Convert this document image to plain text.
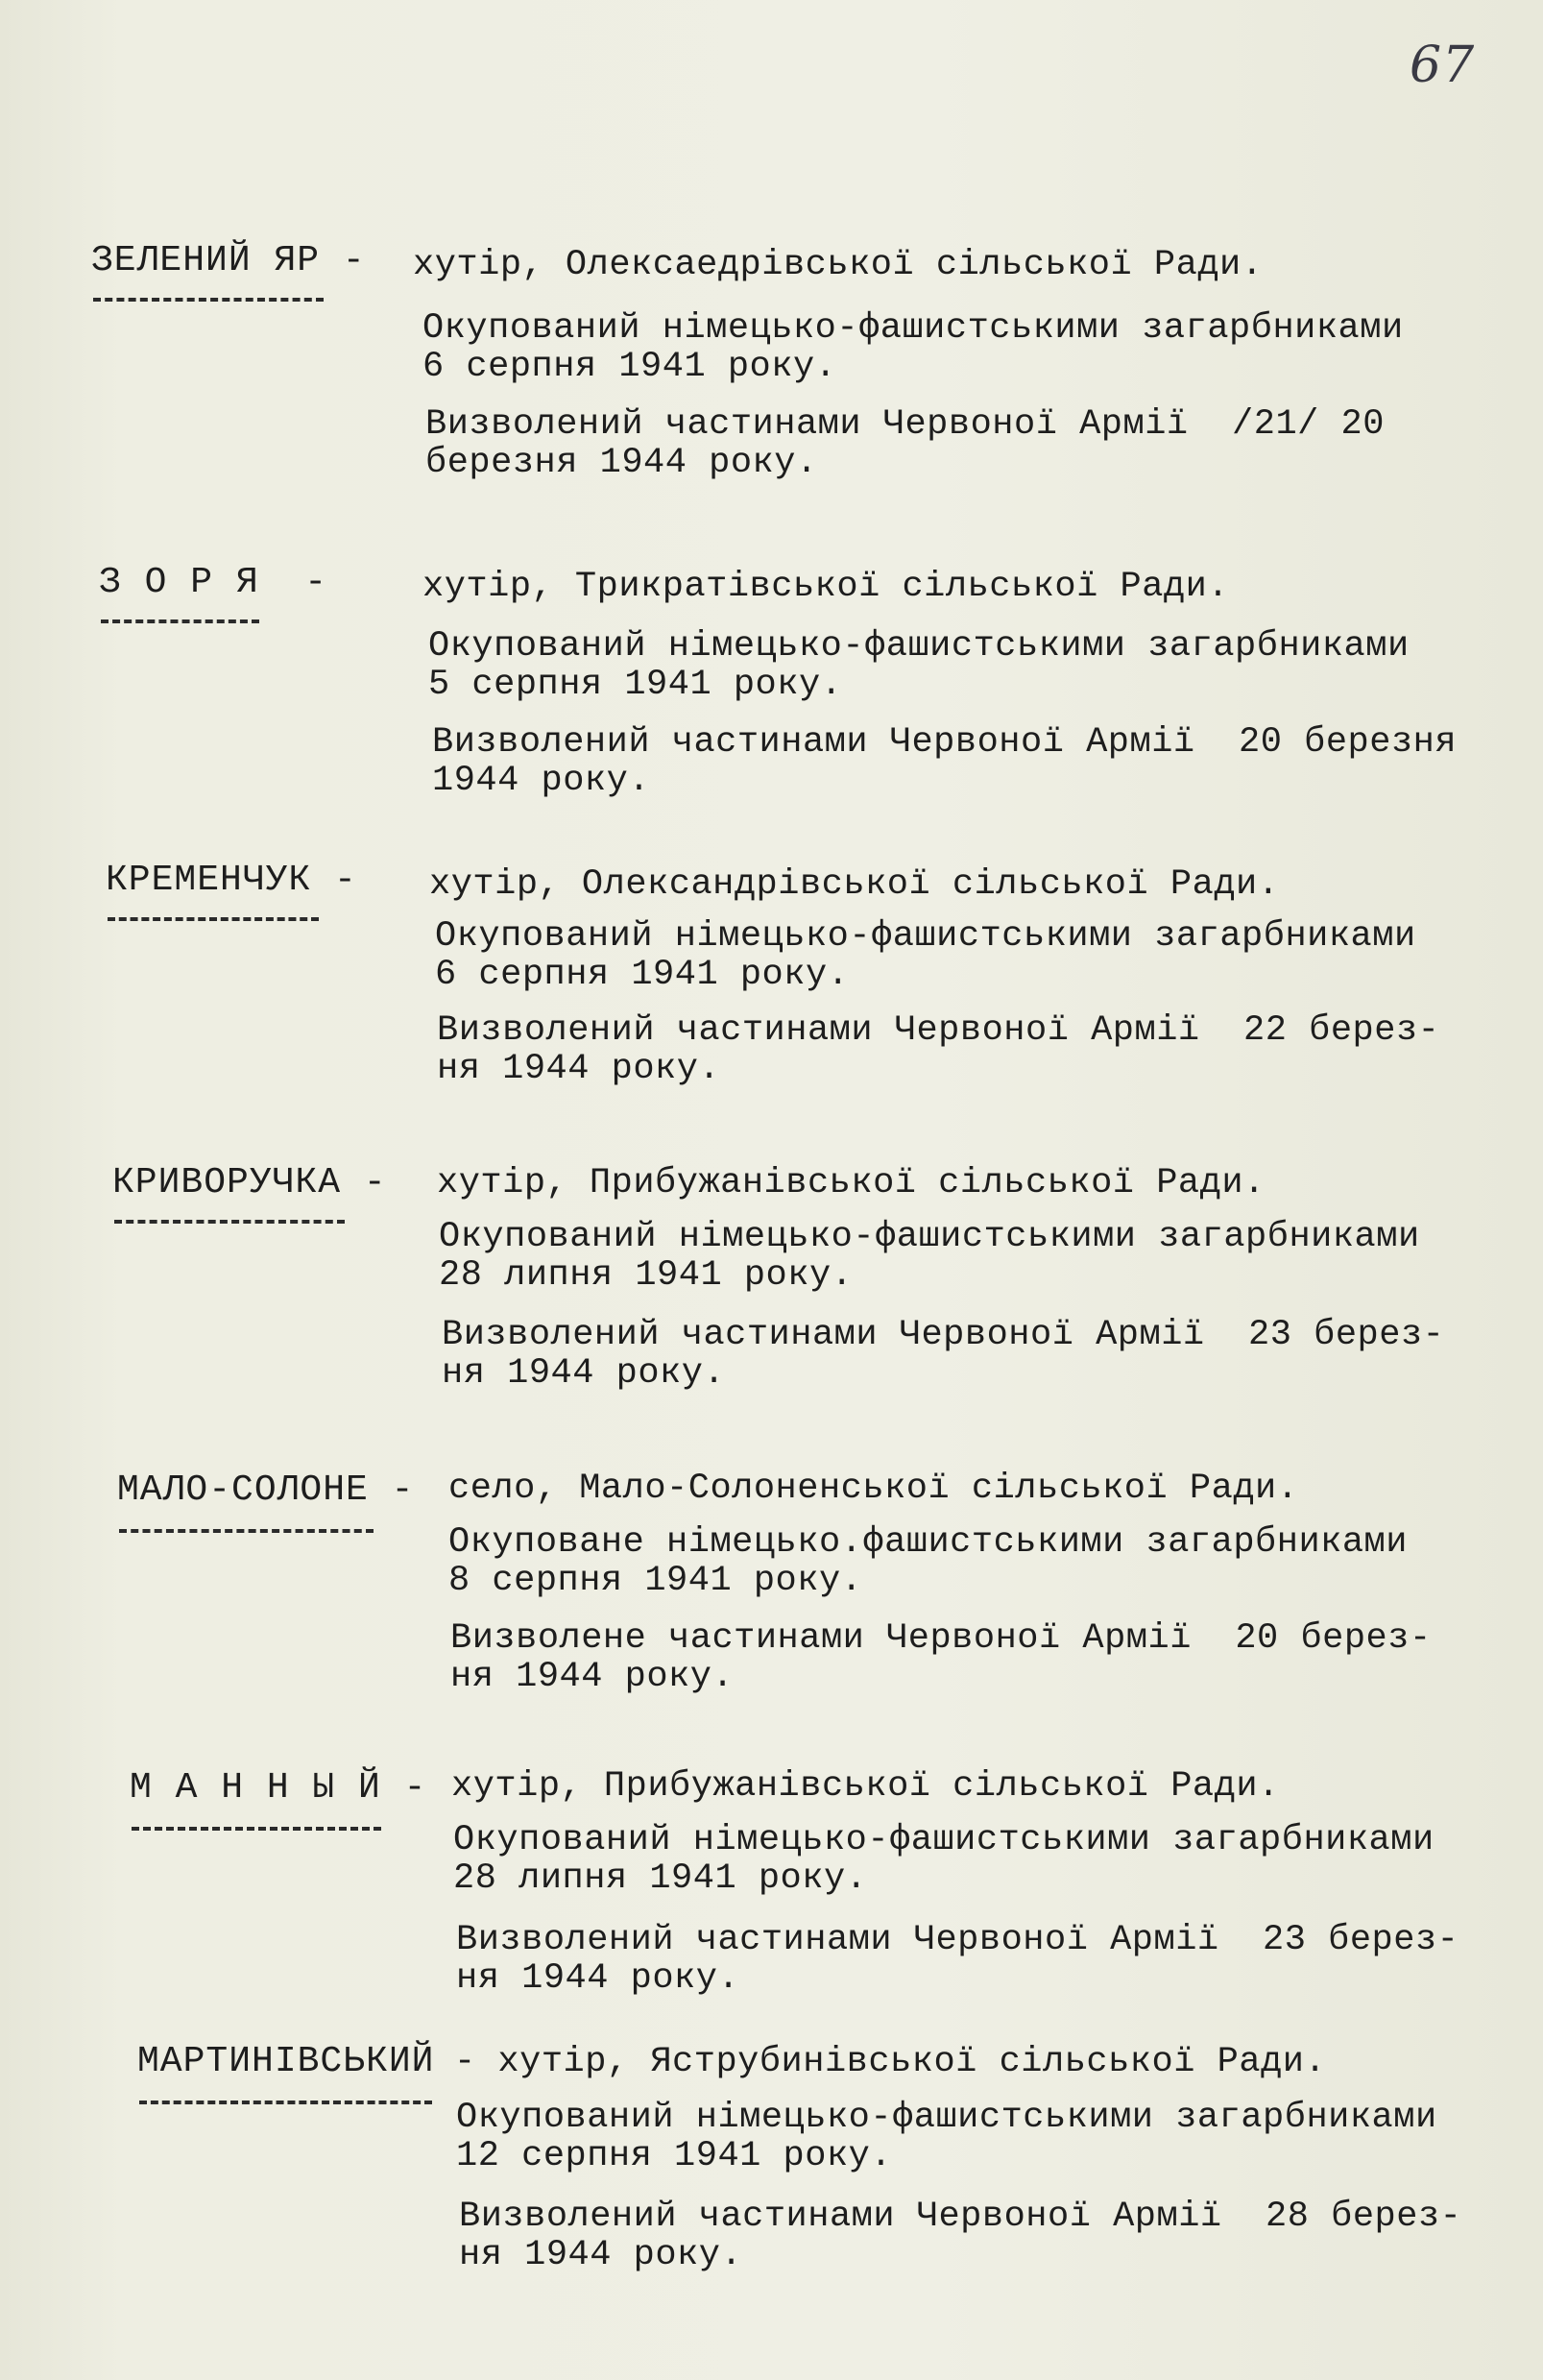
67
ЗЕЛЕНИЙ ЯР - хутір, Олексаедрівської сільської Ради.
Окупований німецько-фашистськими загарбниками
6 серпня 1941 року.
Визволений частинами Червоної Армії  /21/ 20
березня 1944 року.
З О Р Я  -	хутір, Трикратівської сільської Ради.
Окупований німецько-фашистськими загарбниками
5 серпня 1941 року.
Визволений частинами Червоної Армії  20 березня
1944 року.
КРЕМЕНЧУК - хутір, Олександрівської сільської Ради.
Окупований німецько-фашистськими загарбниками
6 серпня 1941 року.
Визволений частинами Червоної Армії  22 берез-
ня 1944 року.
КРИВОРУЧКА - хутір, Прибужанівської сільської Ради.
Окупований німецько-фашистськими загарбниками
28 липня 1941 року.
Визволений частинами Червоної Армії  23 берез-
ня 1944 року.
МАЛО-СОЛОНЕ - село, Мало-Солоненської сільської Ради.
Окуповане німецько.фашистськими загарбниками
8 серпня 1941 року.
Визволене частинами Червоної Армії  20 берез-
ня 1944 року.
М А Н Н Ы Й - хутір, Прибужанівської сільської Ради.
Окупований німецько-фашистськими загарбниками
28 липня 1941 року.
Визволений частинами Червоної Армії  23 берез-
ня 1944 року.
МАРТИНІВСЬКИЙ - хутір, Яструбинівської сільської Ради.
Окупований німецько-фашистськими загарбниками
12 серпня 1941 року.
Визволений частинами Червоної Армії  28 берез-
ня 1944 року.
